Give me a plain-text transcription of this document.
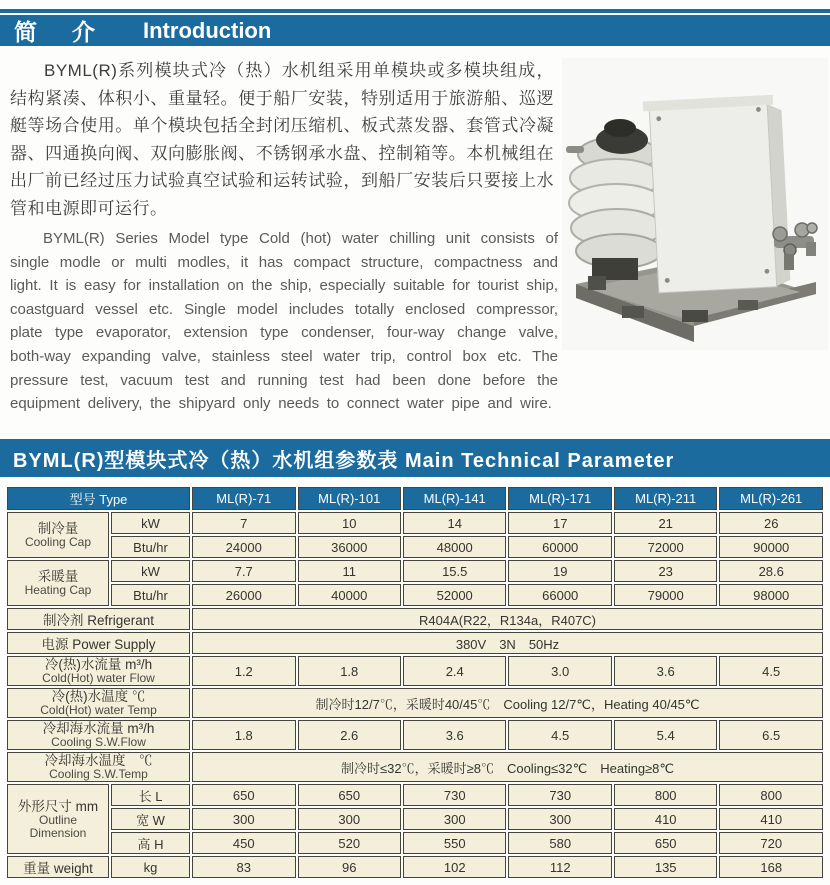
简　介 Introduction

BYML(R)系列模块式冷（热）水机组采用单模块或多模块组成，结构紧凑、体积小、重量轻。便于船厂安装，特别适用于旅游船、巡逻艇等场合使用。单个模块包括全封闭压缩机、板式蒸发器、套管式冷凝器、四通换向阀、双向膨胀阀、不锈钢承水盘、控制箱等。本机械组在出厂前已经过压力试验真空试验和运转试验，到船厂安装后只要接上水管和电源即可运行。

BYML(R) Series Model type Cold (hot) water chilling unit consists of single modle or multi modles, it has compact structure, compactness and light. It is easy for installation on the ship, especially suitable for tourist ship, coastguard vessel etc. Single model includes totally enclosed compressor, plate type evaporator, extension type condenser, four-way change valve, both-way expanding valve, stainless steel water trip, control box etc. The pressure test, vacuum test and running test had been done before the equipment delivery, the shipyard only needs to connect water pipe and wire.

BYML(R)型模块式冷（热）水机组参数表 Main Technical Parameter
型号 Type		ML(R)-71	ML(R)-101	ML(R)-141	ML(R)-171	ML(R)-211	ML(R)-261

制冷量
Cooling Cap	kW	7	10	14	17	21	26
	Btu/hr	24000	36000	48000	60000	72000	90000

采暖量
Heating Cap	kW	7.7	11	15.5	19	23	28.6
	Btu/hr	26000	40000	52000	66000	79000	98000
制冷剂 Refrigerant		R404A(R22，R134a，R407C)					
电源 Power Supply		380V　3N　50Hz					

冷(热)水流量 m³/h
Cold(Hot) water Flow		1.2	1.8	2.4	3.0	3.6	4.5

冷(热)水温度 ℃
Cold(Hot) water Temp		制冷时12/7℃，采暖时40/45℃　Cooling 12/7℃，Heating 40/45℃					

冷却海水流量 m³/h
Cooling S.W.Flow		1.8	2.6	3.6	4.5	5.4	6.5

冷却海水温度　℃
Cooling S.W.Temp		制冷时≤32℃，采暖时≥8℃　Cooling≤32℃　Heating≥8℃					

外形尺寸 mm
Outline Dimension	长 L	650	650	730	730	800	800
	宽 W	300	300	300	300	410	410
	高 H	450	520	550	580	650	720
重量 weight	kg	83	96	102	112	135	168
